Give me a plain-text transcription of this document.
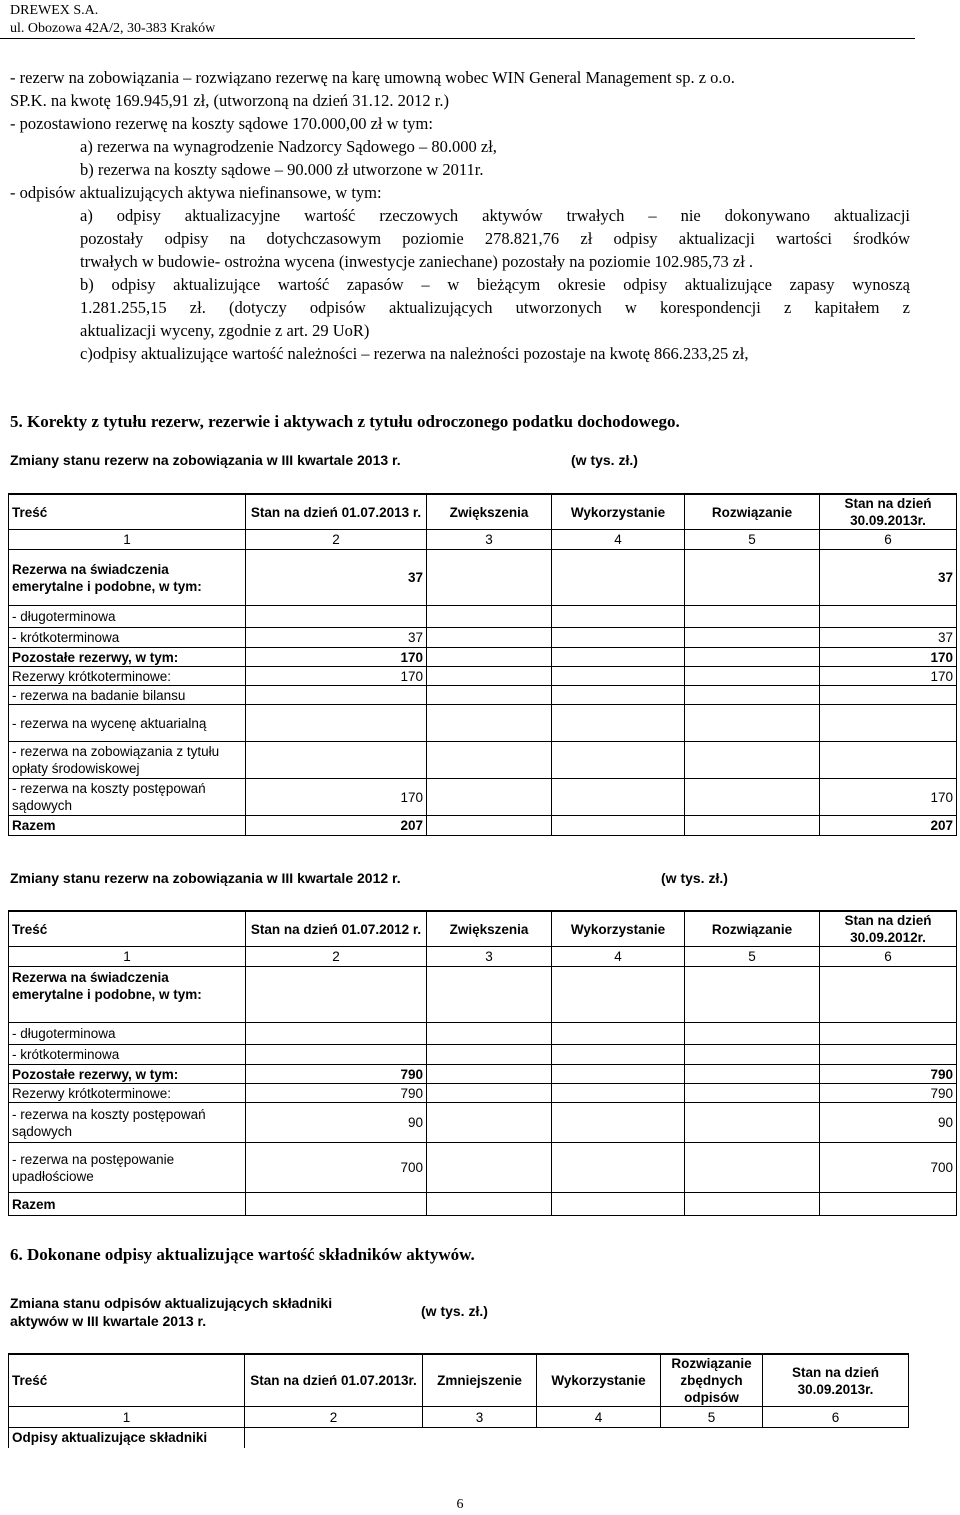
DREWEX S.A.
ul. Obozowa 42A/2, 30-383 Kraków
- rezerw na zobowiązania – rozwiązano rezerwę na karę umowną wobec WIN General Management sp. z o.o.
SP.K. na kwotę 169.945,91 zł, (utworzoną na dzień 31.12. 2012 r.)
- pozostawiono rezerwę na koszty sądowe 170.000,00 zł w tym:
a) rezerwa na wynagrodzenie Nadzorcy Sądowego – 80.000 zł,
b) rezerwa na koszty sądowe – 90.000 zł utworzone w 2011r.
- odpisów aktualizujących aktywa niefinansowe, w tym:
a) odpisy aktualizacyjne wartość rzeczowych aktywów trwałych – nie dokonywano aktualizacji
pozostały odpisy na dotychczasowym poziomie 278.821,76 zł odpisy aktualizacji wartości środków
trwałych w budowie- ostrożna wycena (inwestycje zaniechane) pozostały na poziomie 102.985,73 zł .
b) odpisy aktualizujące wartość zapasów – w bieżącym okresie odpisy aktualizujące zapasy wynoszą
1.281.255,15 zł. (dotyczy odpisów aktualizujących utworzonych w korespondencji z kapitałem z
aktualizacji wyceny, zgodnie z art. 29 UoR)
c)odpisy aktualizujące wartość należności – rezerwa na należności pozostaje na kwotę 866.233,25 zł,
5. Korekty z tytułu rezerw, rezerwie i aktywach z tytułu odroczonego podatku dochodowego.
Zmiany stanu rezerw na zobowiązania w III kwartale 2013 r.	(w tys. zł.)
Treść	Stan na dzień 01.07.2013 r.	Zwiększenia	Wykorzystanie	Rozwiązanie	Stan na dzień 30.09.2013r.
1	2	3	4	5	6
Rezerwa na świadczenia emerytalne i podobne, w tym:	37				37
- długoterminowa					
- krótkoterminowa	37				37
Pozostałe rezerwy, w tym:	170				170
Rezerwy krótkoterminowe:	170				170
- rezerwa na badanie bilansu					
- rezerwa na wycenę aktuarialną					
- rezerwa na zobowiązania z tytułu opłaty środowiskowej					
- rezerwa na koszty postępowań sądowych	170				170
Razem	207				207
Zmiany stanu rezerw na zobowiązania w III kwartale 2012 r.	(w tys. zł.)
Treść	Stan na dzień 01.07.2012 r.	Zwiększenia	Wykorzystanie	Rozwiązanie	Stan na dzień 30.09.2012r.
1	2	3	4	5	6
Rezerwa na świadczenia emerytalne i podobne, w tym:					
- długoterminowa					
- krótkoterminowa					
Pozostałe rezerwy, w tym:	790				790
Rezerwy krótkoterminowe:	790				790
- rezerwa na koszty postępowań sądowych	90				90
- rezerwa na postępowanie upadłościowe	700				700
Razem					
6. Dokonane odpisy aktualizujące wartość składników aktywów.
Zmiana stanu odpisów aktualizujących składniki aktywów w III kwartale 2013 r.
(w tys. zł.)
Treść	Stan na dzień 01.07.2013r.	Zmniejszenie	Wykorzystanie	Rozwiązanie zbędnych odpisów	Stan na dzień 30.09.2013r.
1	2	3	4	5	6
Odpisy aktualizujące składniki					
6
